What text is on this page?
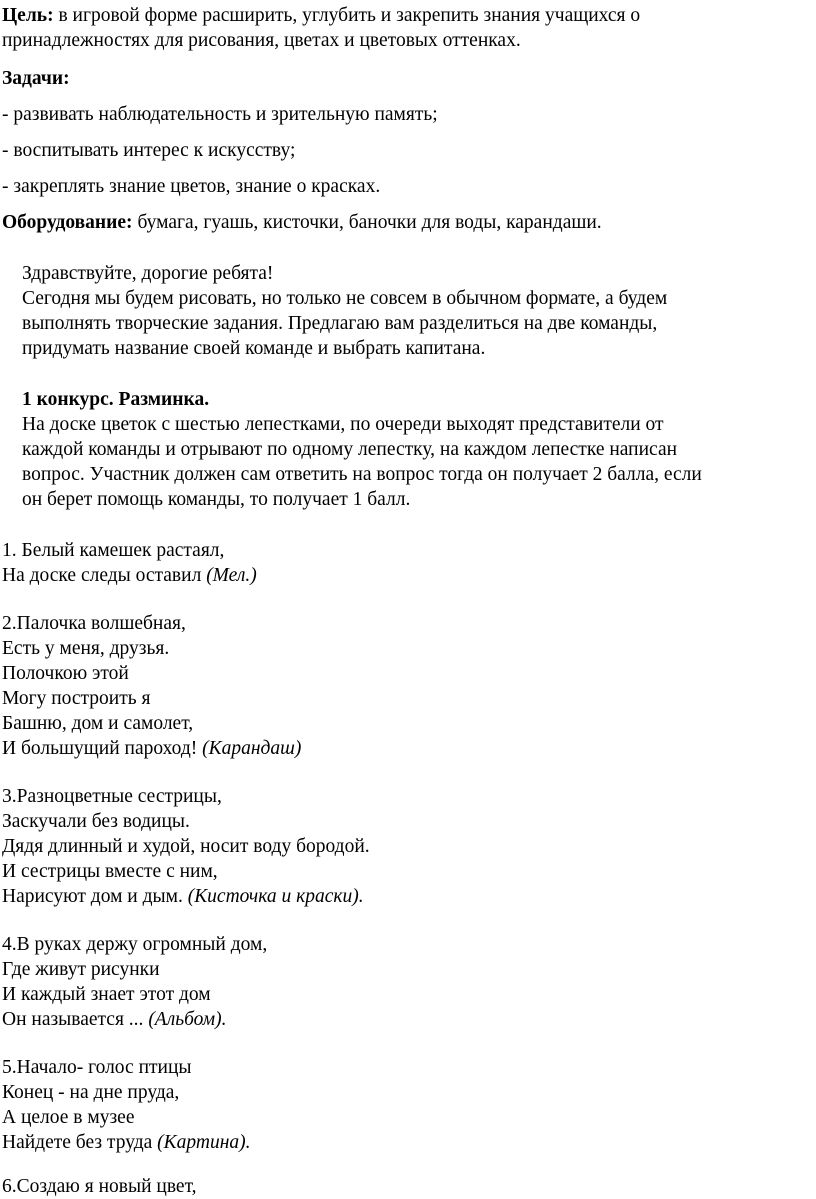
Цель: в игровой форме расширить, углубить и закрепить знания учащихся о
принадлежностях для рисования, цветах и цветовых оттенках.
Задачи:
- развивать наблюдательность и зрительную память;
- воспитывать интерес к искусству;
- закреплять знание цветов, знание о красках.
Оборудование: бумага, гуашь, кисточки, баночки для воды, карандаши.
Здравствуйте, дорогие ребята!
Сегодня мы будем рисовать, но только не совсем в обычном формате, а будем
выполнять творческие задания. Предлагаю вам разделиться на две команды,
придумать название своей команде и выбрать капитана.
1 конкурс. Разминка.
На доске цветок с шестью лепестками, по очереди выходят представители от
каждой команды и отрывают по одному лепестку, на каждом лепестке написан
вопрос. Участник должен сам ответить на вопрос тогда он получает 2 балла, если
он берет помощь команды, то получает 1 балл.
1. Белый камешек растаял,
На доске следы оставил (Мел.)
2.Палочка волшебная,
Есть у меня, друзья.
Полочкою этой
Могу построить я
Башню, дом и самолет,
И большущий пароход! (Карандаш)
3.Разноцветные сестрицы,
Заскучали без водицы.
Дядя длинный и худой, носит воду бородой.
И сестрицы вместе с ним,
Нарисуют дом и дым. (Кисточка и краски).
4.В руках держу огромный дом,
Где живут рисунки
И каждый знает этот дом
Он называется ... (Альбом).
5.Начало- голос птицы
Конец - на дне пруда,
А целое в музее
Найдете без труда (Картина).
6.Создаю я новый цвет,
